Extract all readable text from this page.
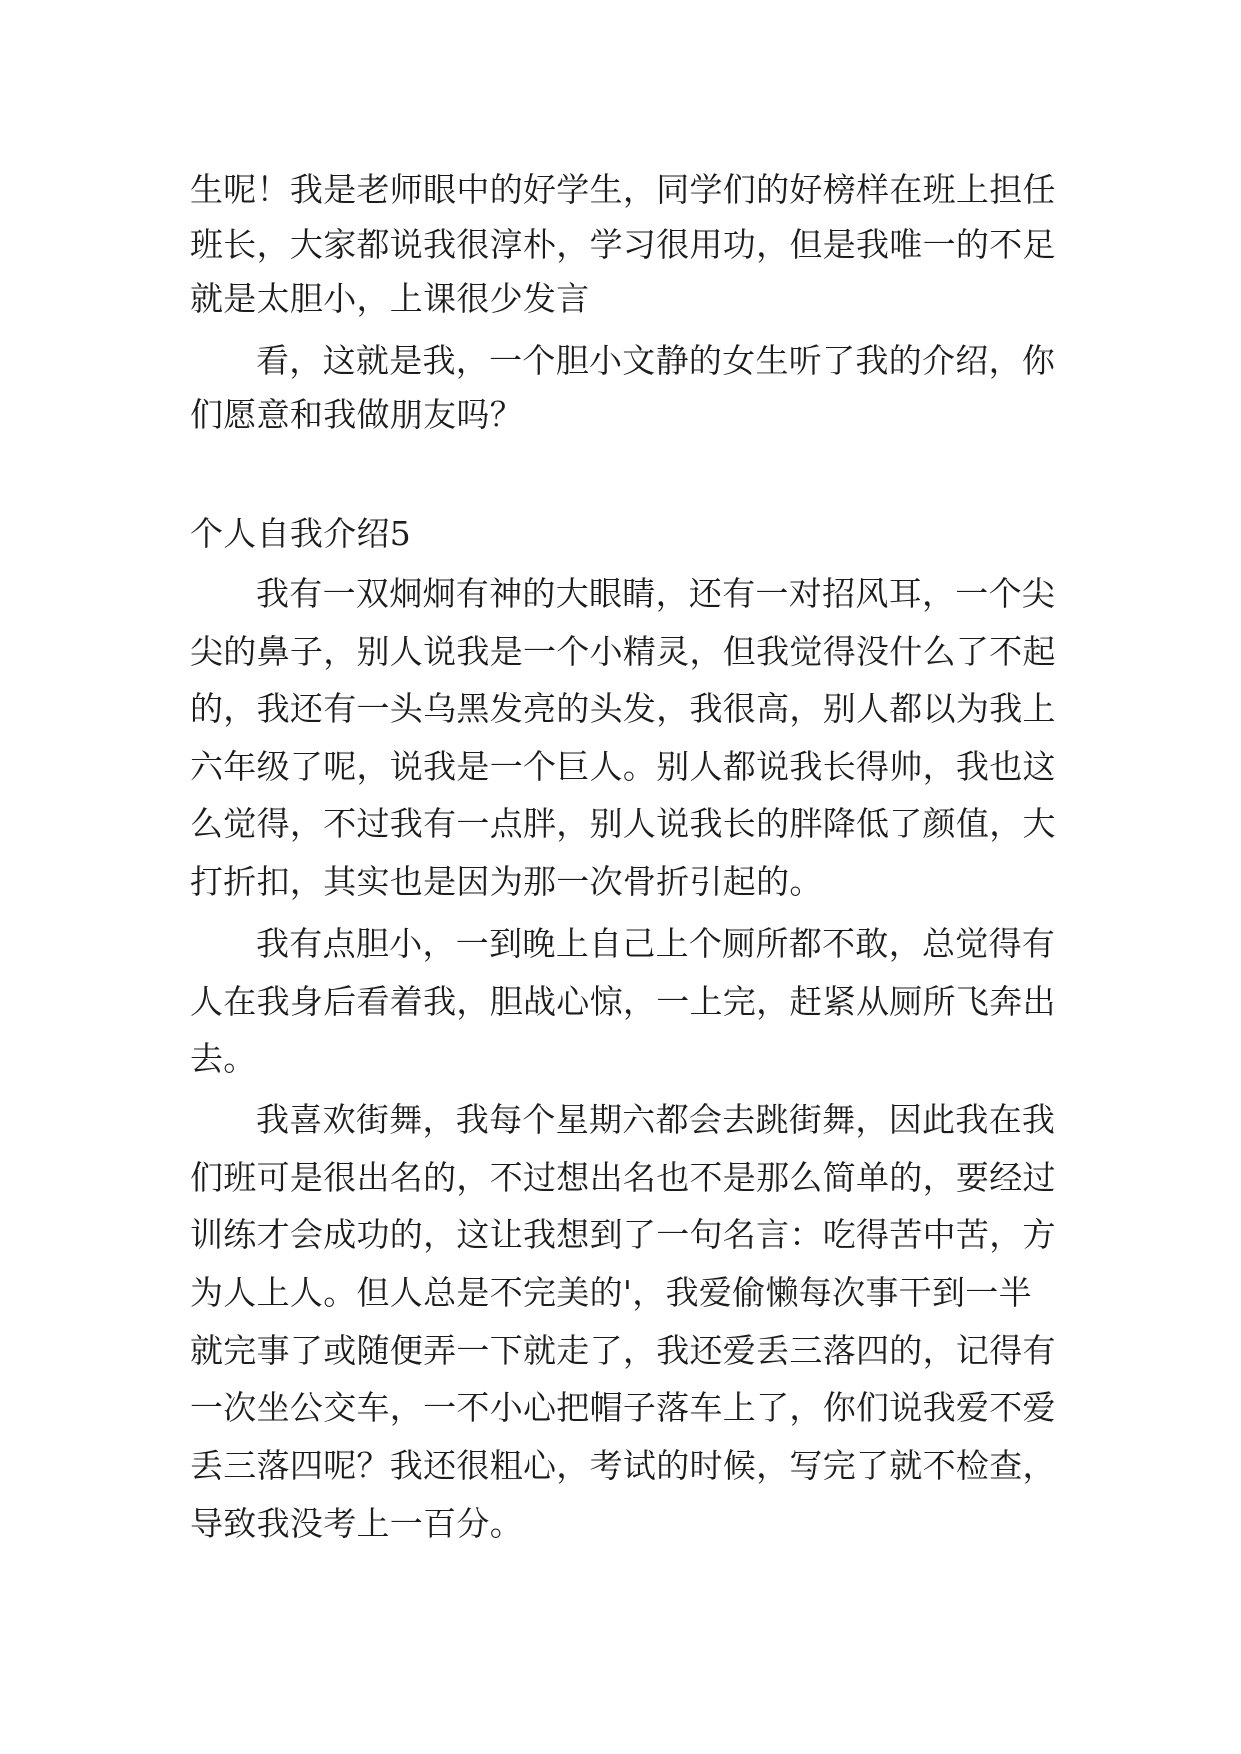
生呢！我是老师眼中的好学生，同学们的好榜样在班上担任
班长，大家都说我很淳朴，学习很用功，但是我唯一的不足
就是太胆小，上课很少发言
看，这就是我，一个胆小文静的女生听了我的介绍，你
们愿意和我做朋友吗？
个人自我介绍5
我有一双炯炯有神的大眼睛，还有一对招风耳，一个尖
尖的鼻子，别人说我是一个小精灵，但我觉得没什么了不起
的，我还有一头乌黑发亮的头发，我很高，别人都以为我上
六年级了呢，说我是一个巨人。别人都说我长得帅，我也这
么觉得，不过我有一点胖，别人说我长的胖降低了颜值，大
打折扣，其实也是因为那一次骨折引起的。
我有点胆小，一到晚上自己上个厕所都不敢，总觉得有
人在我身后看着我，胆战心惊，一上完，赶紧从厕所飞奔出
去。
我喜欢街舞，我每个星期六都会去跳街舞，因此我在我
们班可是很出名的，不过想出名也不是那么简单的，要经过
训练才会成功的，这让我想到了一句名言：吃得苦中苦，方
为人上人。但人总是不完美的'，我爱偷懒每次事干到一半
就完事了或随便弄一下就走了，我还爱丢三落四的，记得有
一次坐公交车，一不小心把帽子落车上了，你们说我爱不爱
丢三落四呢？我还很粗心，考试的时候，写完了就不检查，
导致我没考上一百分。
